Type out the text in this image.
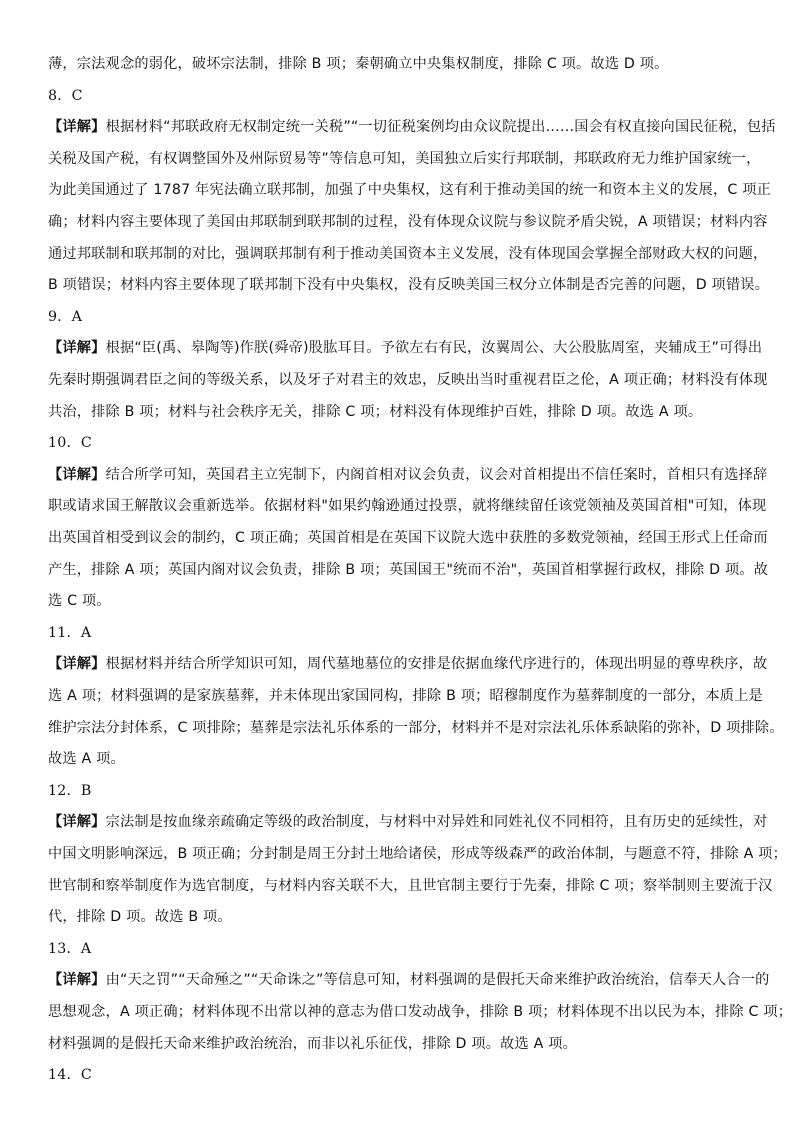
薄，宗法观念的弱化，破坏宗法制，排除 B 项；秦朝确立中央集权制度，排除 C 项。故选 D 项。
8．C
【详解】根据材料“邦联政府无权制定统一关税”“一切征税案例均由众议院提出……国会有权直接向国民征税，包括
关税及国产税，有权调整国外及州际贸易等”等信息可知，美国独立后实行邦联制，邦联政府无力维护国家统一，
为此美国通过了 1787 年宪法确立联邦制，加强了中央集权，这有利于推动美国的统一和资本主义的发展，C 项正
确；材料内容主要体现了美国由邦联制到联邦制的过程，没有体现众议院与参议院矛盾尖锐，A 项错误；材料内容
通过邦联制和联邦制的对比，强调联邦制有利于推动美国资本主义发展，没有体现国会掌握全部财政大权的问题，
B 项错误；材料内容主要体现了联邦制下没有中央集权，没有反映美国三权分立体制是否完善的问题，D 项错误。
9．A
【详解】根据“臣(禹、皋陶等)作朕(舜帝)股肱耳目。予欲左右有民，汝翼周公、大公股肱周室，夹辅成王”可得出
先秦时期强调君臣之间的等级关系，以及牙子对君主的效忠，反映出当时重视君臣之伦，A 项正确；材料没有体现
共治，排除 B 项；材料与社会秩序无关，排除 C 项；材料没有体现维护百姓，排除 D 项。故选 A 项。
10．C
【详解】结合所学可知，英国君主立宪制下，内阁首相对议会负责，议会对首相提出不信任案时，首相只有选择辞
职或请求国王解散议会重新选举。依据材料"如果约翰逊通过投票，就将继续留任该党领袖及英国首相"可知，体现
出英国首相受到议会的制约，C 项正确；英国首相是在英国下议院大选中获胜的多数党领袖，经国王形式上任命而
产生，排除 A 项；英国内阁对议会负责，排除 B 项；英国国王"统而不治"，英国首相掌握行政权，排除 D 项。故
选 C 项。
11．A
【详解】根据材料并结合所学知识可知，周代墓地墓位的安排是依据血缘代序进行的，体现出明显的尊卑秩序，故
选 A 项；材料强调的是家族墓葬，并未体现出家国同构，排除 B 项；昭穆制度作为墓葬制度的一部分，本质上是
维护宗法分封体系，C 项排除；墓葬是宗法礼乐体系的一部分，材料并不是对宗法礼乐体系缺陷的弥补，D 项排除。
故选 A 项。
12．B
【详解】宗法制是按血缘亲疏确定等级的政治制度，与材料中对异姓和同姓礼仪不同相符，且有历史的延续性，对
中国文明影响深远，B 项正确；分封制是周王分封土地给诸侯，形成等级森严的政治体制，与题意不符，排除 A 项；
世官制和察举制度作为选官制度，与材料内容关联不大，且世官制主要行于先秦，排除 C 项；察举制则主要流于汉
代，排除 D 项。故选 B 项。
13．A
【详解】由“天之罚”“天命殛之”“天命诛之”等信息可知，材料强调的是假托天命来维护政治统治，信奉天人合一的
思想观念，A 项正确；材料体现不出常以神的意志为借口发动战争，排除 B 项；材料体现不出以民为本，排除 C 项；
材料强调的是假托天命来维护政治统治，而非以礼乐征伐，排除 D 项。故选 A 项。
14．C
